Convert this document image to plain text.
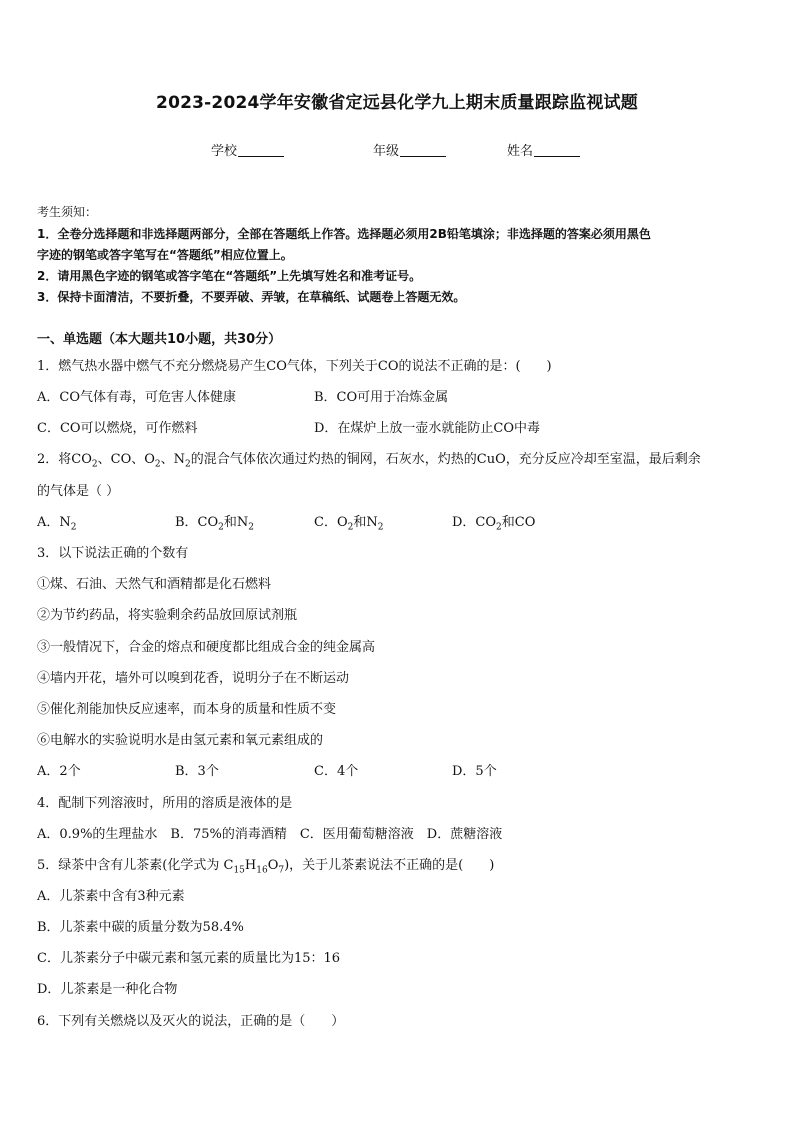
2023-2024学年安徽省定远县化学九上期末质量跟踪监视试题
学校	年级	姓名
考生须知：
1．全卷分选择题和非选择题两部分，全部在答题纸上作答。选择题必须用2B铅笔填涂；非选择题的答案必须用黑色
字迹的钢笔或答字笔写在“答题纸”相应位置上。
2．请用黑色字迹的钢笔或答字笔在“答题纸”上先填写姓名和准考证号。
3．保持卡面清洁，不要折叠，不要弄破、弄皱，在草稿纸、试题卷上答题无效。
一、单选题（本大题共10小题，共30分）
1．燃气热水器中燃气不充分燃烧易产生CO气体，下列关于CO的说法不正确的是：(　　)
A．CO气体有毒，可危害人体健康	B．CO可用于冶炼金属
C．CO可以燃烧，可作燃料	D．在煤炉上放一壶水就能防止CO中毒
2．将$CO_2$、CO、$O_2$、$N_2$的混合气体依次通过灼热的铜网，石灰水，灼热的CuO，充分反应冷却至室温，最后剩余
的气体是（ ）
A．$N_2$	B．$CO_2$和$N_2$	C．$O_2$和$N_2$	D．$CO_2$和CO
3．以下说法正确的个数有
①煤、石油、天然气和酒精都是化石燃料
②为节约药品，将实验剩余药品放回原试剂瓶
③一般情况下，合金的熔点和硬度都比组成合金的纯金属高
④墙内开花，墙外可以嗅到花香，说明分子在不断运动
⑤催化剂能加快反应速率，而本身的质量和性质不变
⑥电解水的实验说明水是由氢元素和氧元素组成的
A．2个	B．3个	C．4个	D．5个
4．配制下列溶液时，所用的溶质是液体的是
A．0.9%的生理盐水　B．75%的消毒酒精　C．医用葡萄糖溶液　D．蔗糖溶液
5．绿茶中含有儿茶素(化学式为 $C_{15}H_{16}O_7$)，关于儿茶素说法不正确的是(　　)
A．儿茶素中含有3种元素
B．儿茶素中碳的质量分数为58.4%
C．儿茶素分子中碳元素和氢元素的质量比为15：16
D．儿茶素是一种化合物
6．下列有关燃烧以及灭火的说法，正确的是（　　）
